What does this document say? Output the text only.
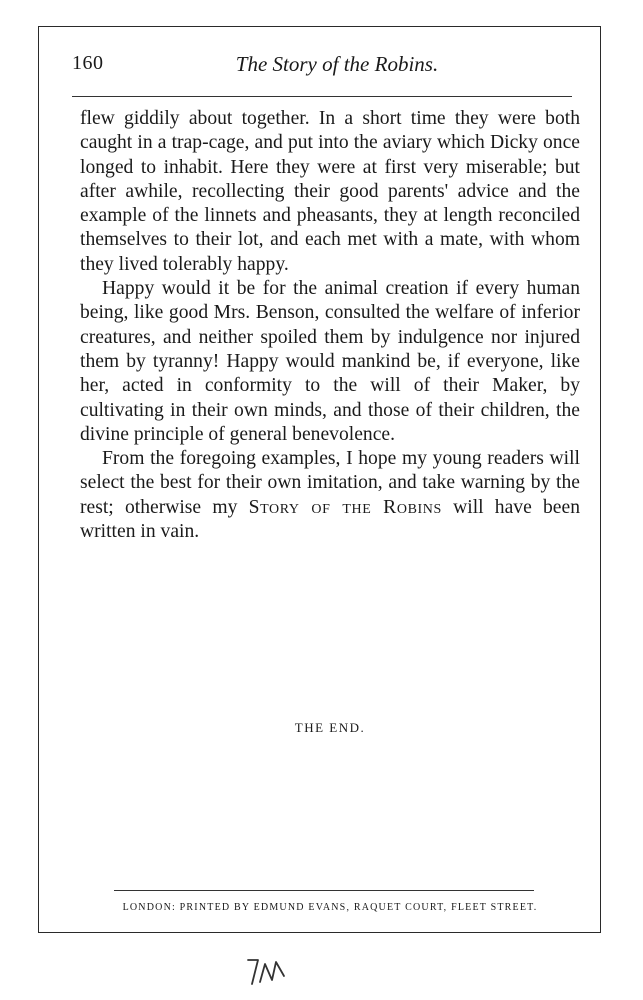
160	The Story of the Robins.

flew giddily about together. In a short time they were both caught in a trap-cage, and put into the aviary which Dicky once longed to inhabit. Here they were at first very miserable; but after awhile, recollecting their good parents' advice and the example of the linnets and pheasants, they at length reconciled themselves to their lot, and each met with a mate, with whom they lived tolerably happy.

Happy would it be for the animal creation if every human being, like good Mrs. Benson, consulted the welfare of inferior creatures, and neither spoiled them by indulgence nor injured them by tyranny! Happy would mankind be, if everyone, like her, acted in conformity to the will of their Maker, by cultivating in their own minds, and those of their children, the divine principle of general benevolence.

From the foregoing examples, I hope my young readers will select the best for their own imitation, and take warning by the rest; otherwise my Story of the Robins will have been written in vain.

THE END.
LONDON: PRINTED BY EDMUND EVANS, RAQUET COURT, FLEET STREET.
